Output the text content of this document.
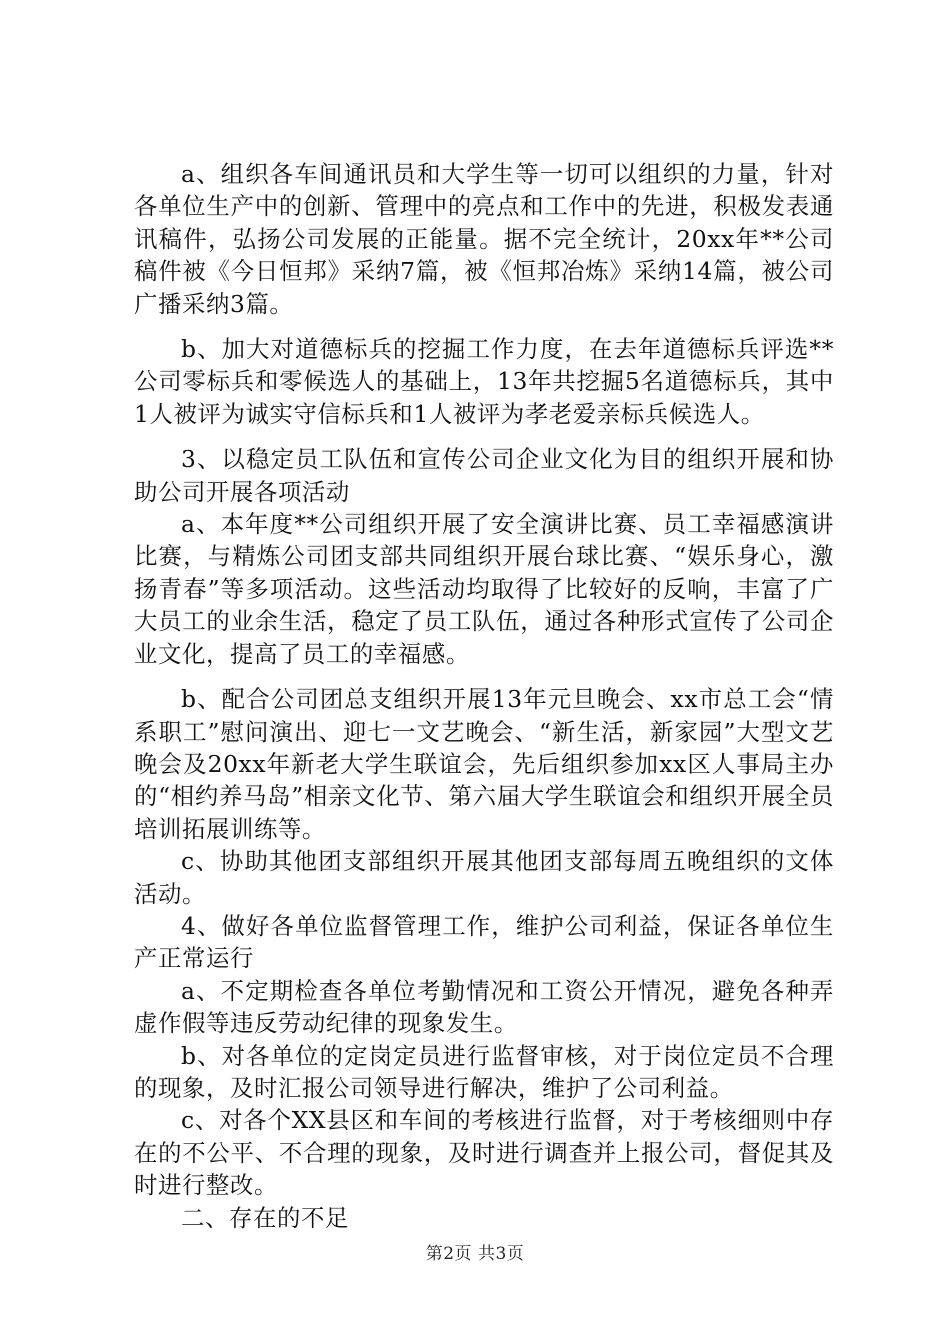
a、组织各车间通讯员和大学生等一切可以组织的力量，针对各单位生产中的创新、管理中的亮点和工作中的先进，积极发表通讯稿件，弘扬公司发展的正能量。据不完全统计，20xx年**公司稿件被《今日恒邦》采纳7篇，被《恒邦冶炼》采纳14篇，被公司广播采纳3篇。

b、加大对道德标兵的挖掘工作力度，在去年道德标兵评选**公司零标兵和零候选人的基础上，13年共挖掘5名道德标兵，其中1人被评为诚实守信标兵和1人被评为孝老爱亲标兵候选人。

3、以稳定员工队伍和宣传公司企业文化为目的组织开展和协助公司开展各项活动

a、本年度**公司组织开展了安全演讲比赛、员工幸福感演讲比赛，与精炼公司团支部共同组织开展台球比赛、“娱乐身心，激扬青春”等多项活动。这些活动均取得了比较好的反响，丰富了广大员工的业余生活，稳定了员工队伍，通过各种形式宣传了公司企业文化，提高了员工的幸福感。

b、配合公司团总支组织开展13年元旦晚会、xx市总工会“情系职工”慰问演出、迎七一文艺晚会、“新生活，新家园”大型文艺晚会及20xx年新老大学生联谊会，先后组织参加xx区人事局主办的“相约养马岛”相亲文化节、第六届大学生联谊会和组织开展全员培训拓展训练等。

c、协助其他团支部组织开展其他团支部每周五晚组织的文体活动。

4、做好各单位监督管理工作，维护公司利益，保证各单位生产正常运行

a、不定期检查各单位考勤情况和工资公开情况，避免各种弄虚作假等违反劳动纪律的现象发生。

b、对各单位的定岗定员进行监督审核，对于岗位定员不合理的现象，及时汇报公司领导进行解决，维护了公司利益。

c、对各个XX县区和车间的考核进行监督，对于考核细则中存在的不公平、不合理的现象，及时进行调查并上报公司，督促其及时进行整改。

二、存在的不足

第2页 共3页
